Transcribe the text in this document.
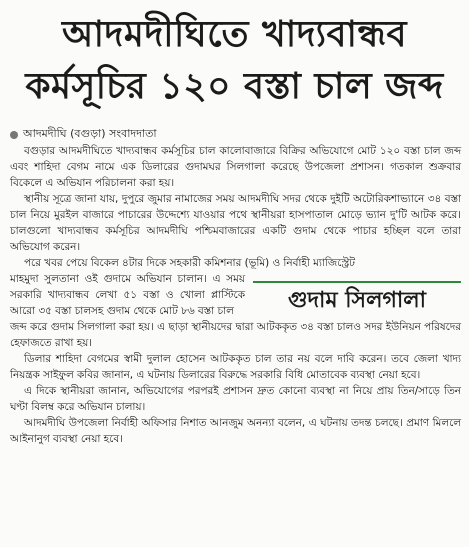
আদমদীঘিতে খাদ্যবান্ধব
কর্মসূচির ১২০ বস্তা চাল জব্দ
আদমদীঘি (বগুড়া) সংবাদদাতা

বগুড়ার আদমদীঘিতে খাদ্যবান্ধব কর্মসূচির চাল কালোবাজারে বিক্রির অভিযোগে মোট ১২০ বস্তা চাল জব্দ এবং শাহিদা বেগম নামে এক ডিলারের গুদামঘর সিলগালা করেছে উপজেলা প্রশাসন। গতকাল শুক্রবার বিকেলে এ অভিযান পরিচালনা করা হয়।

স্থানীয় সূত্রে জানা যায়, দুপুরে জুমার নামাজের সময় আদমদীঘি সদর থেকে দুইটি অটোরিকশাভ্যানে ৩৪ বস্তা চাল নিয়ে মুরইল বাজারে পাচারের উদ্দেশ্যে যাওয়ার পথে স্থানীয়রা হাসপাতাল মোড়ে ভ্যান দু'টি আটক করে। চালগুলো খাদ্যবান্ধব কর্মসূচির আদমদীঘি পশ্চিমবাজারের একটি গুদাম থেকে পাচার হচ্ছিল বলে তারা অভিযোগ করেন।

পরে খবর পেয়ে বিকেল ৪টার দিকে সহকারী কমিশনার (ভূমি) ও নির্বাহী ম্যাজিস্ট্রেট

মাহমুদা সুলতানা ওই গুদামে অভিযান চালান। এ সময় সরকারি খাদ্যবান্ধব লেখা ৫১ বস্তা ও খোলা প্লাস্টিকে আরো ৩৫ বস্তা চালসহ গুদাম থেকে মোট ৮৬ বস্তা চাল	গুদাম সিলগালা

জব্দ করে গুদাম সিলগালা করা হয়। এ ছাড়া স্থানীয়দের দ্বারা আটককৃত ৩৪ বস্তা চালও সদর ইউনিয়ন পরিষদের হেফাজতে রাখা হয়।

ডিলার শাহিদা বেগমের স্বামী দুলাল হোসেন আটককৃত চাল তার নয় বলে দাবি করেন। তবে জেলা খাদ্য নিয়ন্ত্রক সাইফুল কবির জানান, এ ঘটনায় ডিলারের বিরুদ্ধে সরকারি বিধি মোতাবেক ব্যবস্থা নেয়া হবে।

এ দিকে স্থানীয়রা জানান, অভিযোগের পরপরই প্রশাসন দ্রুত কোনো ব্যবস্থা না নিয়ে প্রায় তিন/সাড়ে তিন ঘণ্টা বিলম্ব করে অভিযান চালায়।

আদমদীঘি উপজেলা নির্বাহী অফিসার নিশাত আনজুম অনন্যা বলেন, এ ঘটনায় তদন্ত চলছে। প্রমাণ মিললে আইনানুগ ব্যবস্থা নেয়া হবে।
